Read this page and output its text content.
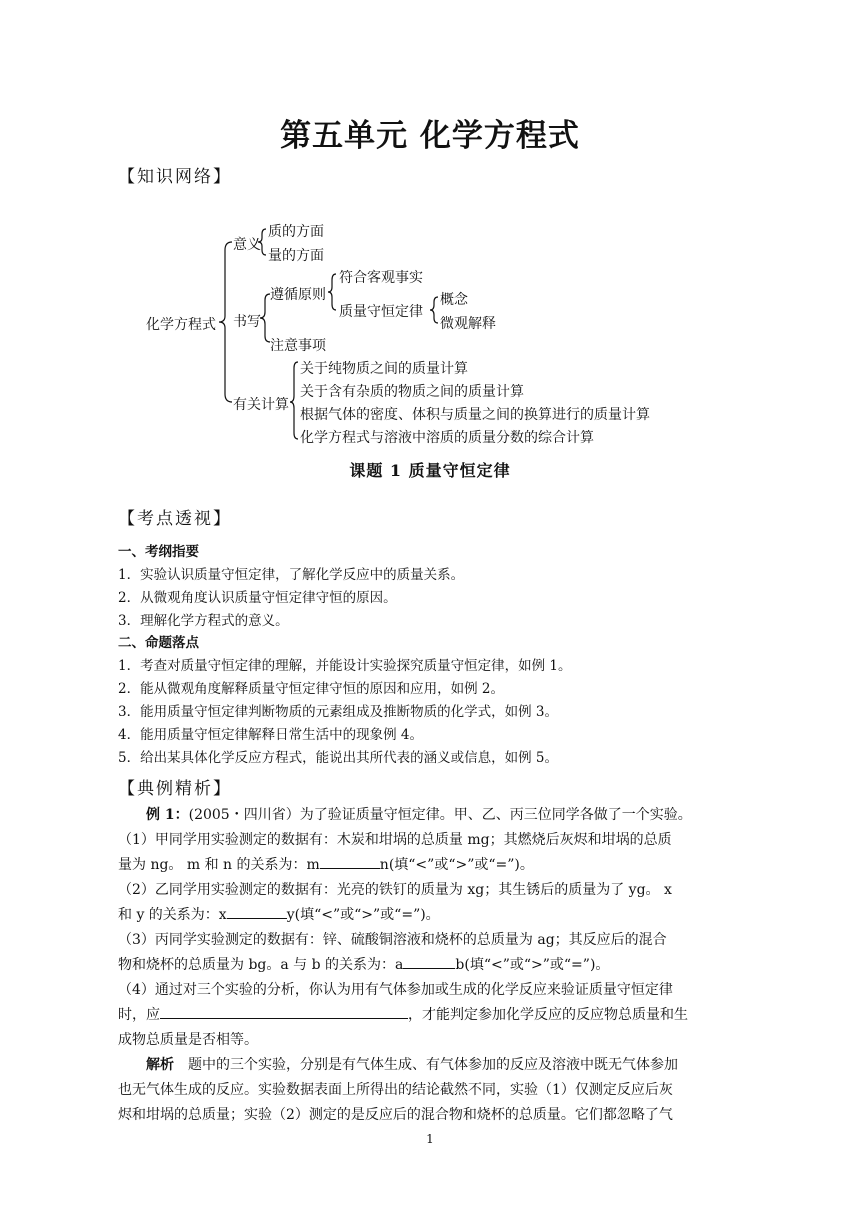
第五单元 化学方程式
【知识网络】
化学方程式
意义
质的方面
量的方面
书写
遵循原则
符合客观事实
质量守恒定律
概念
微观解释
注意事项
有关计算
关于纯物质之间的质量计算
关于含有杂质的物质之间的质量计算
根据气体的密度、体积与质量之间的换算进行的质量计算
化学方程式与溶液中溶质的质量分数的综合计算
课题 1 质量守恒定律
【考点透视】
一、考纲指要
1．实验认识质量守恒定律，了解化学反应中的质量关系。
2．从微观角度认识质量守恒定律守恒的原因。
3．理解化学方程式的意义。
二、命题落点
1．考查对质量守恒定律的理解，并能设计实验探究质量守恒定律，如例 1。
2．能从微观角度解释质量守恒定律守恒的原因和应用，如例 2。
3．能用质量守恒定律判断物质的元素组成及推断物质的化学式，如例 3。
4．能用质量守恒定律解释日常生活中的现象例 4。
5．给出某具体化学反应方程式，能说出其所代表的涵义或信息，如例 5。
【典例精析】
例 1：(2005・四川省）为了验证质量守恒定律。甲、乙、丙三位同学各做了一个实验。
（1）甲同学用实验测定的数据有：木炭和坩埚的总质量 mg；其燃烧后灰烬和坩埚的总质
量为 ng。 m 和 n 的关系为：m	n(填“<”或“>”或“=”)。
（2）乙同学用实验测定的数据有：光亮的铁钉的质量为 xg；其生锈后的质量为了 yg。 x
和 y 的关系为：x	y(填“<”或“>”或“=”)。
（3）丙同学实验测定的数据有：锌、硫酸铜溶液和烧杯的总质量为 ag；其反应后的混合
物和烧杯的总质量为 bg。a 与 b 的关系为：a	b(填“<”或“>”或“=”)。
（4）通过对三个实验的分析，你认为用有气体参加或生成的化学反应来验证质量守恒定律
时，应	，才能判定参加化学反应的反应物总质量和生
成物总质量是否相等。
解析 题中的三个实验，分别是有气体生成、有气体参加的反应及溶液中既无气体参加
也无气体生成的反应。实验数据表面上所得出的结论截然不同，实验（1）仅测定反应后灰
烬和坩埚的总质量；实验（2）测定的是反应后的混合物和烧杯的总质量。它们都忽略了气
1
